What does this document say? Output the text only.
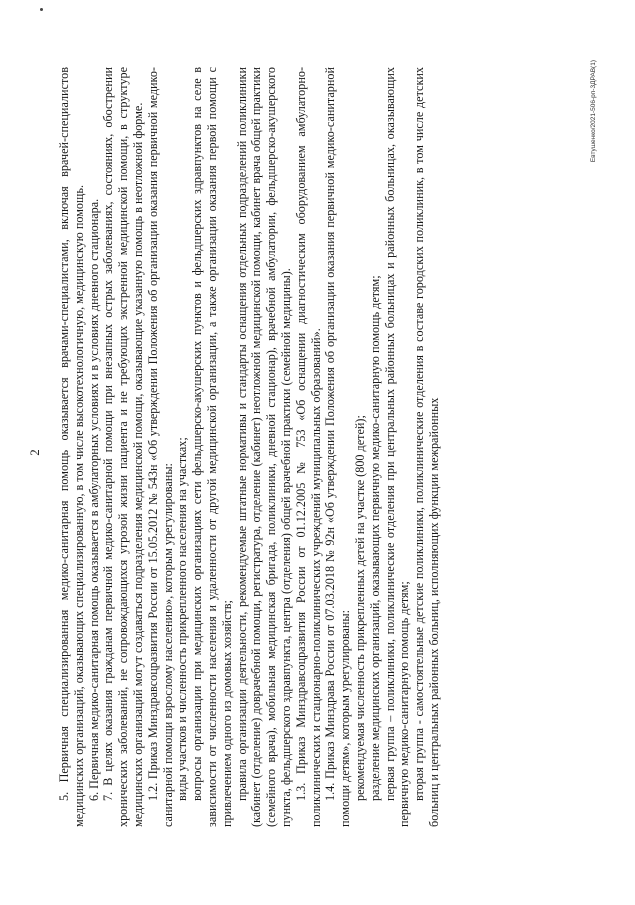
2 5. Первичная специализированная медико-санитарная помощь оказывается врачами-специалистами, включая врачей-специалистов медицинских организаций, оказывающих специализированную, в том числе высокотехнологичную, медицинскую помощь. 6. Первичная медико-санитарная помощь оказывается в амбулаторных условиях и в условиях дневного стационара. 7. В целях оказания гражданам первичной медико-санитарной помощи при внезапных острых заболеваниях, состояниях, обострении хронических заболеваний, не сопровождающихся угрозой жизни пациента и не требующих экстренной медицинской помощи, в структуре медицинских организаций могут создаваться подразделения медицинской помощи, оказывающие указанную помощь в неотложной форме. 1.2. Приказ Минздравсоцразвития России от 15.05.2012 № 543н «Об утверждении Положения об организации оказания первичной медико-санитарной помощи взрослому населению», которым урегулированы: виды участков и численность прикрепленного населения на участках; вопросы организации при медицинских организациях сети фельдшерско-акушерских пунктов и фельдшерских здравпунктов на селе в зависимости от численности населения и удаленности от другой медицинской организации, а также организации оказания первой помощи с привлечением одного из домовых хозяйств; правила организации деятельности, рекомендуемые штатные нормативы и стандарты оснащения отдельных подразделений поликлиники (кабинет (отделение) доврачебной помощи, регистратура, отделение (кабинет) неотложной медицинской помощи, кабинет врача общей практики (семейного врача), мобильная медицинская бригада, поликлиники, дневной стационар), врачебной амбулатории, фельдшерско-акушерского пункта, фельдшерского здравпункта, центра (отделения) общей врачебной практики (семейной медицины). 1.3. Приказ Минздравсоцразвития России от 01.12.2005 № 753 «Об оснащении диагностическим оборудованием амбулаторно-поликлинических и стационарно-поликлинических учреждений муниципальных образований». 1.4. Приказ Минздрава России от 07.03.2018 № 92н «Об утверждении Положения об организации оказания первичной медико-санитарной помощи детям», которым урегулированы: рекомендуемая численность прикрепленных детей на участке (800 детей); разделение медицинских организаций, оказывающих первичную медико-санитарную помощь детям; первая группа – поликлиники, поликлинические отделения при центральных районных больницах и районных больницах, оказывающих первичную медико-санитарную помощь детям; вторая группа - самостоятельные детские поликлиники, поликлинические отделения в составе городских поликлиник, в том числе детских больниц и центральных районных больниц, исполняющих функции межрайонных

Евтушенко/2021-506-рп-3ДРАВ(1)
